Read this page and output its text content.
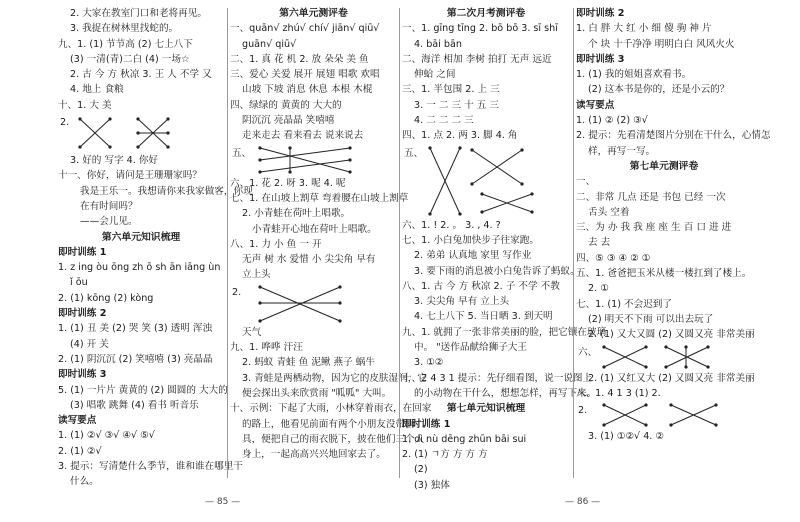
2. 大家在教室门口和老将再见。
3. 我捉在树林里找蛇的。
九、1. (1) 节节高 (2) 七上八下
(3) 一清(青)二白 (4) 一场☆
2. 古 今 方 秋凉 3. 王 人 不学 又
4. 地上 食粮
十、1. 大 美
2.
3. 好的 写字 4. 你好
十一、你好，请问是王珊珊家吗？
我是王乐一。我想请你来我家做客，你现
在有时间吗？
——会儿见。
第六单元知识梳理
即时训练 1
1. z ing òu ōng zh ō sh ān iāng ùn
ǐ ōu
2. (1) kōng (2) kòng
即时训练 2
1. (1) 丑 美 (2) 哭 笑 (3) 透明 浑浊
(4) 开 关
2. (1) 阴沉沉 (2) 笑嘻嘻 (3) 亮晶晶
即时训练 3
5. (1) 一片片 黄黄的 (2) 圆圆的 大大的
(3) 唱歌 跳舞 (4) 看书 听音乐
读写要点
1. (1) ②√ ③√ ④√ ⑤√
2. (1) ②√
3. 提示：写清楚什么季节，谁和谁在哪里干
什么。
第六单元测评卷
一、quān√ zhú√ chí√ jiān√ qiū√
guān√ qiū√
二、1. 真 花 机 2. 放 朵朵 美 鱼
三、爱心 关爱 展开 展翅 唱歌 欢唱
山坡 下坡 消息 休息 本根 木棍
四、绿绿的 黄黄的 大大的
阴沉沉 亮晶晶 笑嘻嘻
走来走去 看来看去 说来说去
五、
六、1. 花 2. 呀 3. 呢 4. 呢
七、1. 在山坡上割草 弯着腰在山坡上割草
2. 小青蛙在荷叶上唱歌。
小青蛙开心地在荷叶上唱歌。
八、1. 力 小 鱼 一 开
无声 树 水 爱惜 小 尖尖角 早有
立上头
2.
天气
九、1. 哗哗 汗汪
2. 蚂蚁 青蛙 鱼 泥鳅 燕子 蜗牛
3. 青蛙是两栖动物，因为它的皮肤湿润，它
便会探出头来欣赏雨 "呱呱" 大叫。
十、示例：下起了大雨，小林穿着雨衣，在回家
的路上，他看见前面有两个小朋友没带雨
具，便把自己的雨衣脱下，披在他们三个人
身上，一起高高兴兴地回家去了。
第二次月考测评卷
一、1. gīng tīng 2. bō bō 3. sī shī
4. bāi bān
二、海洋 相加 李树 拍打 无声 远近
伸蛤 之间
三、1. 半包围 2. 上 三
3. 一 二 三 十 五 三
4. 二 二 二 三
四、1. 点 2. 两 3. 脚 4. 角
五、
六、1. ! 2. 。 3. , 4. ?
七、1. 小白兔加快步子往家跑。
2. 弟弟 认真地 家里 写作业
3. 要下雨的消息被小白兔告诉了蚂蚁。
八、1. 古 今 方 秋凉 2. 子 不学 不教
3. 尖尖角 早有 立上头
4. 七上八下 5. 当日晒 3. 到天明
九、1. 就拥了一张非常美丽的脸，把它镶在玻璃
中。 "送作品献给狮子大王
3. ①②
十、2 4 3 1 提示：先仔细看图，说一说图上
的小动物在干什么，想想怎样，再写下来。
第七单元知识梳理
即时训练 1
1. dì nù dēng zhūn bāi sui
2. (1) ㄱ方 方 方 方
(2)
(3) 独体
即时训练 2
1. 白 胖 大 红 小 细 傻 驹 神 片
个 块 十千净净 明明白白 风风火火
即时训练 3
1. (1) 我的姐姐喜欢看书。
(2) 这本书是你的，还是小云的？
读写要点
1. (1) ② (2) ③√
2. 提示：先看清楚图片分别在干什么，心情怎
样，再写一写。
第七单元测评卷
一、
二、非常 几点 还是 书包 已经 一次
舌头 空着
三、为 办 我 我 座 座 生 百 口 进 进
去 去
四、⑤ ③ ④ ② ①
五、1. 爸爸把玉米从楼一楼扛到了楼上。
2. ①
七、1. (1) 不会迟到了
(2) 明天不下雨 可以出去玩了
2. (1) 又大又圆 (2) 又圆又亮 非常美丽
六、
2. (1) 又红又大 (2) 又圆又亮 非常美丽
八、1. 4 1 3 (1) 2.
2.
3. (1) ①②√ 4. ②
— 85 —	— 86 —
